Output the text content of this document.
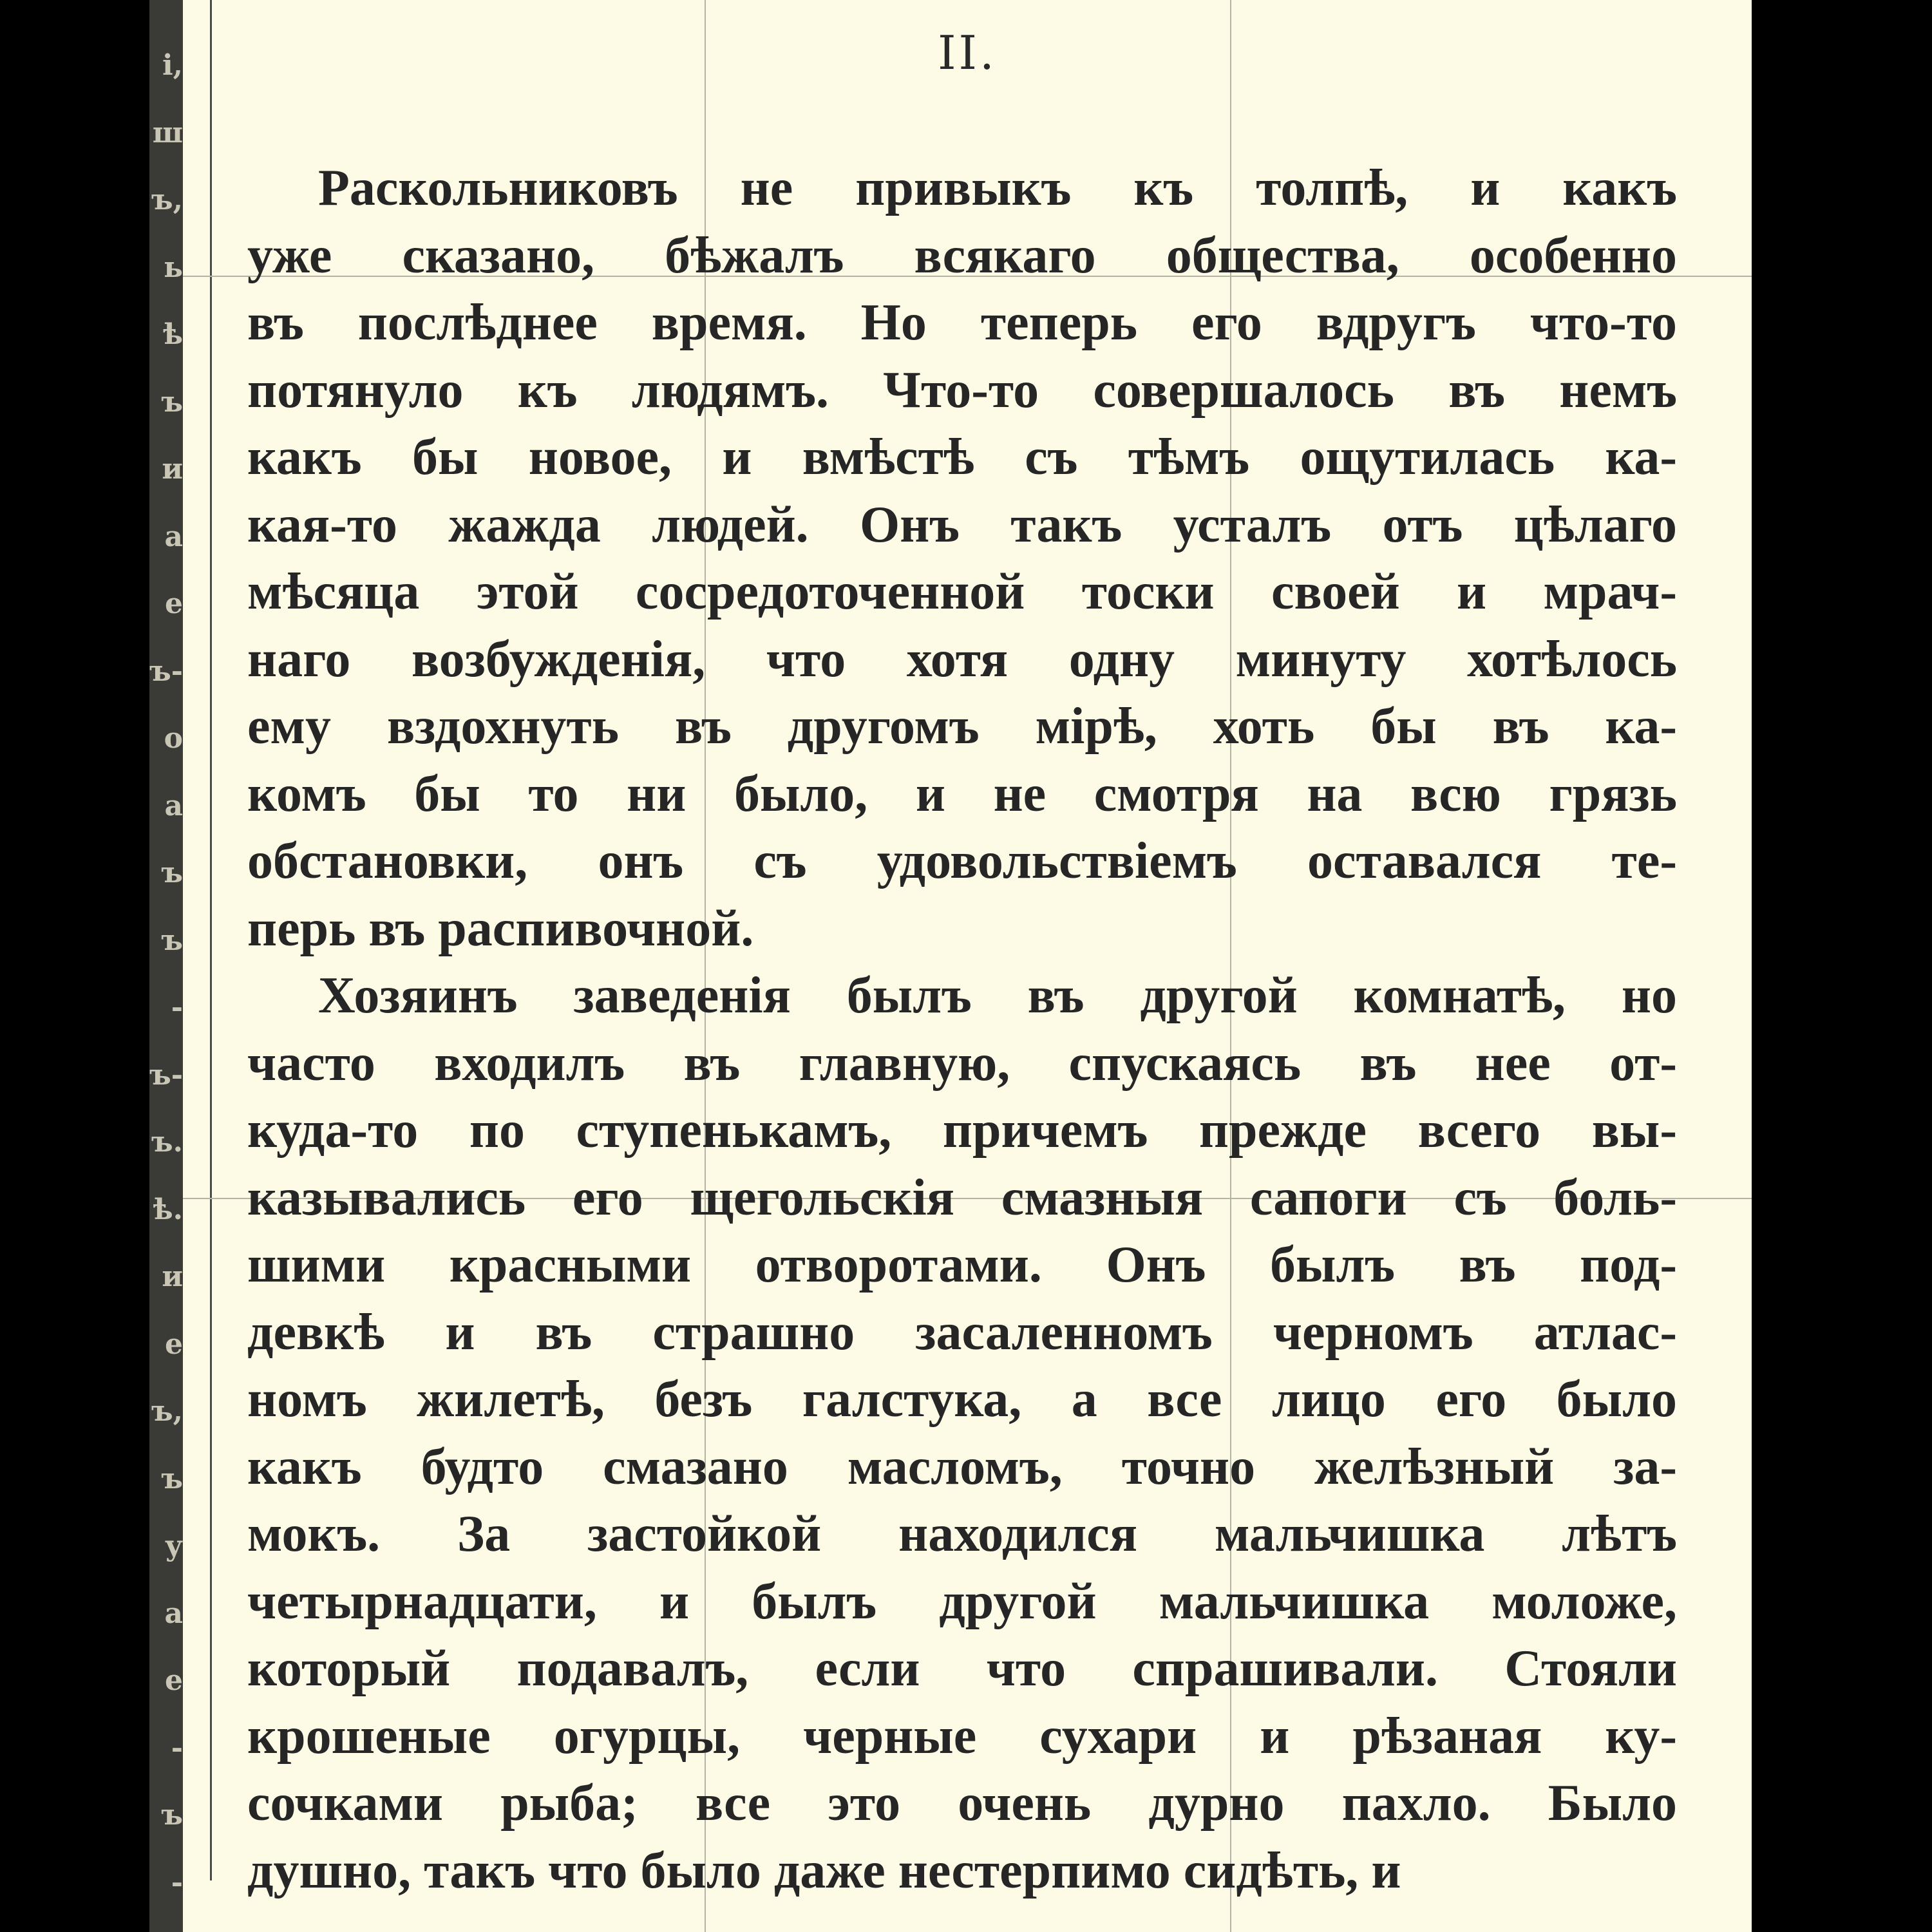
і,
ш
ъ,
ь
ѣ
ъ
и
а
е
ъ-
о
а
ъ
ъ
-
ъ-
ъ.
ѣ.
и
е
ъ,
ъ
у
а
е
-
ъ
-
II.
Раскольниковъ не привыкъ къ толпѣ, и какъ
уже сказано, бѣжалъ всякаго общества, особенно
въ послѣднее время. Но теперь его вдругъ что-то
потянуло къ людямъ. Что-то совершалось въ немъ
какъ бы новое, и вмѣстѣ съ тѣмъ ощутилась ка-
кая-то жажда людей. Онъ такъ усталъ отъ цѣлаго
мѣсяца этой сосредоточенной тоски своей и мрач-
наго возбужденія, что хотя одну минуту хотѣлось
ему вздохнуть въ другомъ мірѣ, хоть бы въ ка-
комъ бы то ни было, и не смотря на всю грязь
обстановки, онъ съ удовольствіемъ оставался те-
перь въ распивочной.
Хозяинъ заведенія былъ въ другой комнатѣ, но
часто входилъ въ главную, спускаясь въ нее от-
куда-то по ступенькамъ, причемъ прежде всего вы-
казывались его щегольскія смазныя сапоги съ боль-
шими красными отворотами. Онъ былъ въ под-
девкѣ и въ страшно засаленномъ черномъ атлас-
номъ жилетѣ, безъ галстука, а все лицо его было
какъ будто смазано масломъ, точно желѣзный за-
мокъ. За застойкой находился мальчишка лѣтъ
четырнадцати, и былъ другой мальчишка моложе,
который подавалъ, если что спрашивали. Стояли
крошеные огурцы, черные сухари и рѣзаная ку-
сочками рыба; все это очень дурно пахло. Было
душно, такъ что было даже нестерпимо сидѣть, и
